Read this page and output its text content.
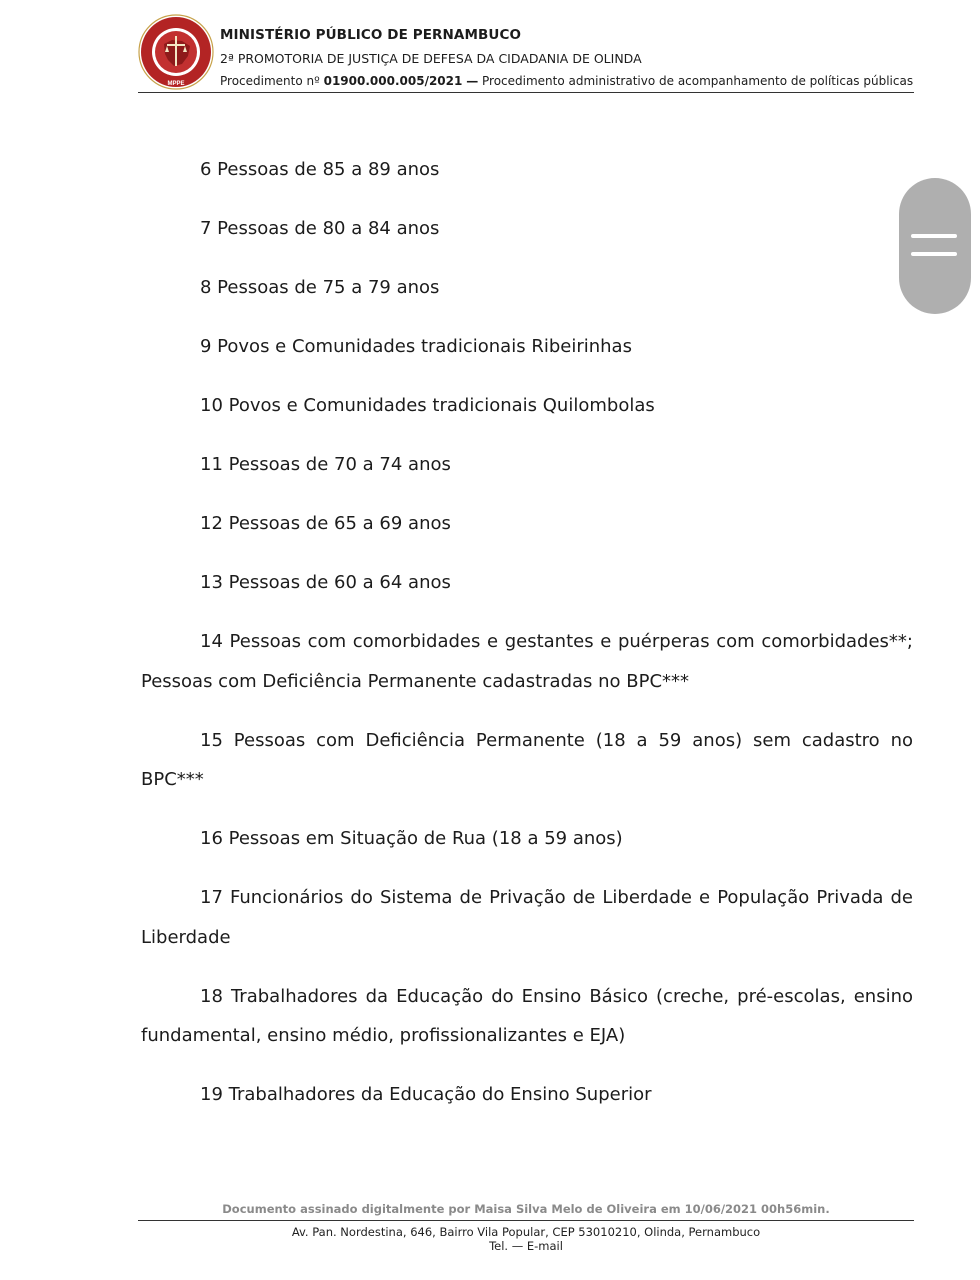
MPPE
MINISTÉRIO PÚBLICO DE PERNAMBUCO
2ª PROMOTORIA DE JUSTIÇA DE DEFESA DA CIDADANIA DE OLINDA
Procedimento nº 01900.000.005/2021 — Procedimento administrativo de acompanhamento de políticas públicas

6 Pessoas de 85 a 89 anos

7 Pessoas de 80 a 84 anos

8 Pessoas de 75 a 79 anos

9 Povos e Comunidades tradicionais Ribeirinhas

10 Povos e Comunidades tradicionais Quilombolas

11 Pessoas de 70 a 74 anos

12 Pessoas de 65 a 69 anos

13 Pessoas de 60 a 64 anos

14 Pessoas com comorbidades e gestantes e puérperas com comorbidades**; Pessoas com Deficiência Permanente cadastradas no BPC***

15 Pessoas com Deficiência Permanente (18 a 59 anos) sem cadastro no BPC***

16 Pessoas em Situação de Rua (18 a 59 anos)

17 Funcionários do Sistema de Privação de Liberdade e População Privada de Liberdade

18 Trabalhadores da Educação do Ensino Básico (creche, pré-escolas, ensino fundamental, ensino médio, profissionalizantes e EJA)

19 Trabalhadores da Educação do Ensino Superior

Documento assinado digitalmente por Maisa Silva Melo de Oliveira em 10/06/2021 00h56min.
Av. Pan. Nordestina, 646, Bairro Vila Popular, CEP 53010210, Olinda, Pernambuco
Tel. — E-mail
